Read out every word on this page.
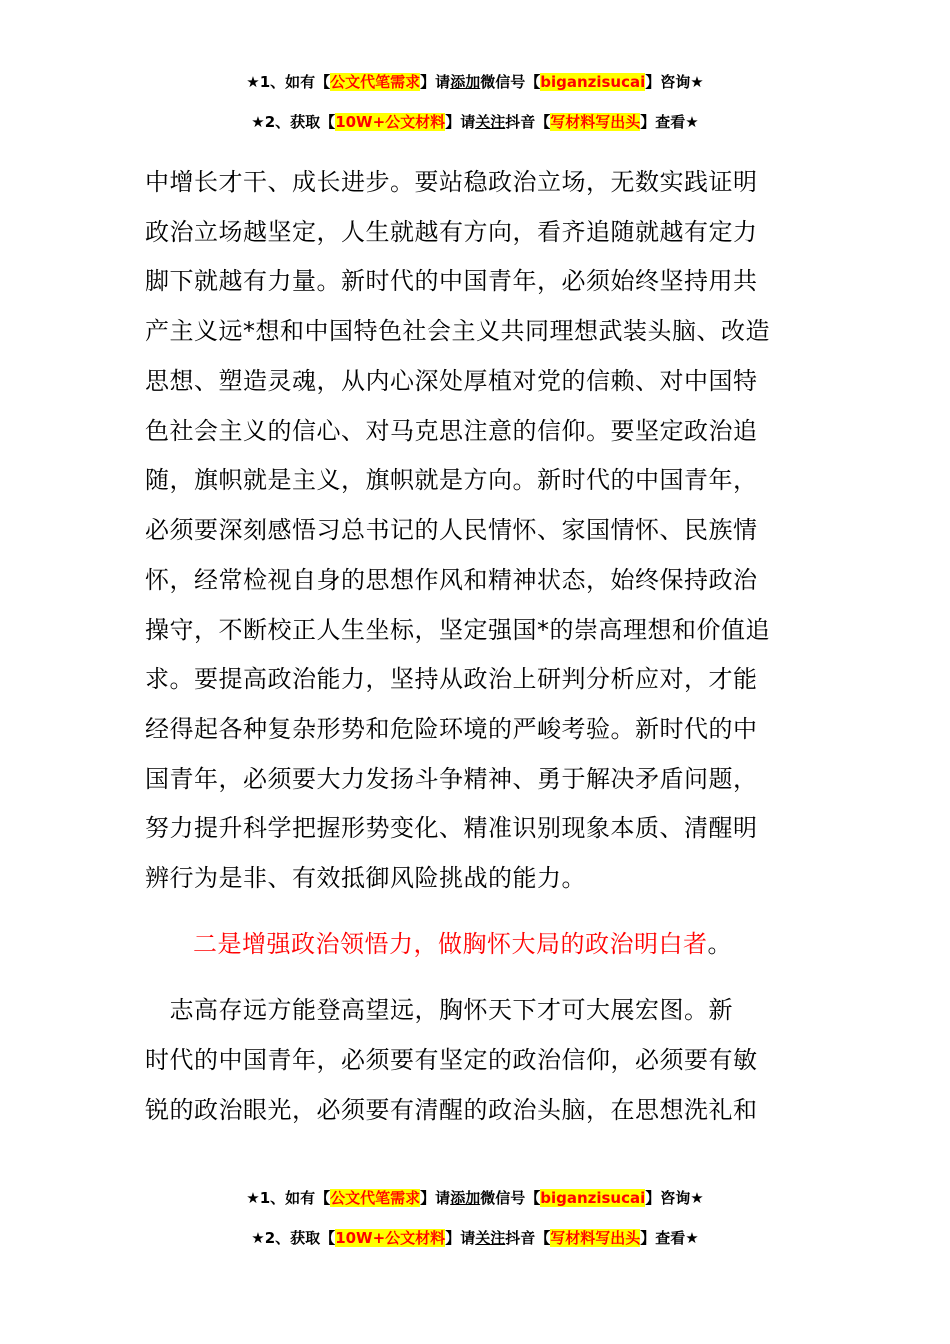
★1、如有【公文代笔需求】请添加微信号【biganzisucai】咨询★
★2、获取【10W+公文材料】请关注抖音【写材料写出头】查看★
中增长才干、成长进步。要站稳政治立场，无数实践证明
政治立场越坚定，人生就越有方向，看齐追随就越有定力
脚下就越有力量。新时代的中国青年，必须始终坚持用共
产主义远*想和中国特色社会主义共同理想武装头脑、改造
思想、塑造灵魂，从内心深处厚植对党的信赖、对中国特
色社会主义的信心、对马克思注意的信仰。要坚定政治追
随，旗帜就是主义，旗帜就是方向。新时代的中国青年，
必须要深刻感悟习总书记的人民情怀、家国情怀、民族情
怀，经常检视自身的思想作风和精神状态，始终保持政治
操守，不断校正人生坐标，坚定强国*的崇高理想和价值追
求。要提高政治能力，坚持从政治上研判分析应对，才能
经得起各种复杂形势和危险环境的严峻考验。新时代的中
国青年，必须要大力发扬斗争精神、勇于解决矛盾问题，
努力提升科学把握形势变化、精准识别现象本质、清醒明
辨行为是非、有效抵御风险挑战的能力。
二是增强政治领悟力，做胸怀大局的政治明白者。
　志高存远方能登高望远，胸怀天下才可大展宏图。新
时代的中国青年，必须要有坚定的政治信仰，必须要有敏
锐的政治眼光，必须要有清醒的政治头脑，在思想洗礼和
★1、如有【公文代笔需求】请添加微信号【biganzisucai】咨询★
★2、获取【10W+公文材料】请关注抖音【写材料写出头】查看★
